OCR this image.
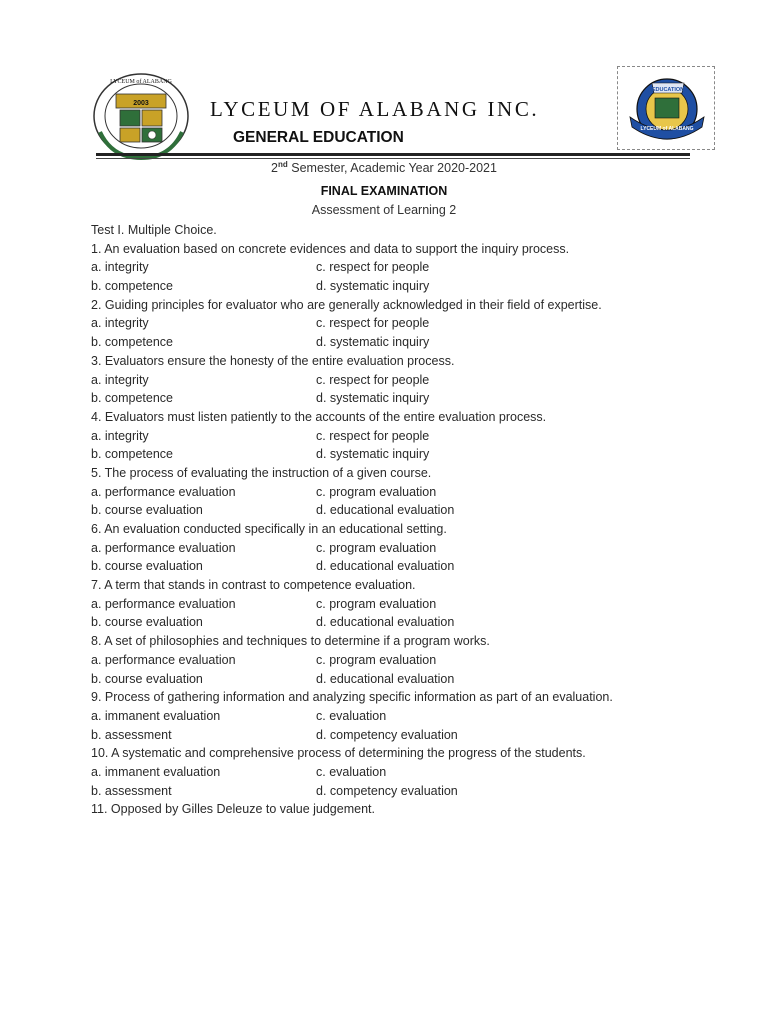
2003
LYCEUM of ALABANG
EDUCATION
LYCEUM of ALABANG
LYCEUM OF ALABANG INC.
GENERAL EDUCATION
2nd Semester, Academic Year 2020-2021
FINAL EXAMINATION
Assessment of Learning 2
Test I. Multiple Choice.
1. An evaluation based on concrete evidences and data to support the inquiry process.
a. integrity	c. respect for people
b. competence	d. systematic inquiry
2. Guiding principles for evaluator who are generally acknowledged in their field of expertise.
a. integrity	c. respect for people
b. competence	d. systematic inquiry
3. Evaluators ensure the honesty of the entire evaluation process.
a. integrity	c. respect for people
b. competence	d. systematic inquiry
4. Evaluators must listen patiently to the accounts of the entire evaluation process.
a. integrity	c. respect for people
b. competence	d. systematic inquiry
5. The process of evaluating the instruction of a given course.
a. performance evaluation	c. program evaluation
b. course evaluation	d. educational evaluation
6. An evaluation conducted specifically in an educational setting.
a. performance evaluation	c. program evaluation
b. course evaluation	d. educational evaluation
7. A term that stands in contrast to competence evaluation.
a. performance evaluation	c. program evaluation
b. course evaluation	d. educational evaluation
8. A set of philosophies and techniques to determine if a program works.
a. performance evaluation	c. program evaluation
b. course evaluation	d. educational evaluation
9. Process of gathering information and analyzing specific information as part of an evaluation.
a. immanent evaluation	c. evaluation
b. assessment	d. competency evaluation
10. A systematic and comprehensive process of determining the progress of the students.
a. immanent evaluation	c. evaluation
b. assessment	d. competency evaluation
11. Opposed by Gilles Deleuze to value judgement.
